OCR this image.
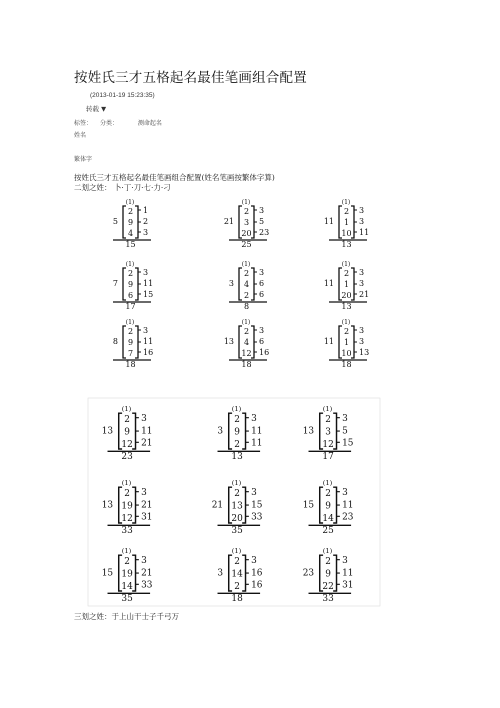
按姓氏三才五格起名最佳笔画组合配置
(2013-01-19 15:23:35)
转载 ▼
标签： 分类：	测命起名
姓名
繁体字
按姓氏三才五格起名最佳笔画组合配置(姓名笔画按繁体字算)
二划之姓： 卜·丁·刀·七·力·刁
(1)
5
2
9
4
1
2
3
15
(1)
21
2
3
20
3
5
23
25
(1)
11
2
1
10
3
3
11
13
(1)
7
2
9
6
3
11
15
17
(1)
3
2
4
2
3
6
6
8
(1)
11
2
1
20
3
3
21
13
(1)
8
2
9
7
3
11
16
18
(1)
13
2
4
12
3
6
16
18
(1)
11
2
1
10
3
3
13
18
(1)
13
2
9
12
3
11
21
23
(1)
3
2
9
2
3
11
11
13
(1)
13
2
3
12
3
5
15
17
(1)
13
2
19
12
3
21
31
33
(1)
21
2
13
20
3
15
33
35
(1)
15
2
9
14
3
11
23
25
(1)
15
2
19
14
3
21
33
35
(1)
3
2
14
2
3
16
16
18
(1)
23
2
9
22
3
11
31
33
三划之姓：于上山干士子千弓万
